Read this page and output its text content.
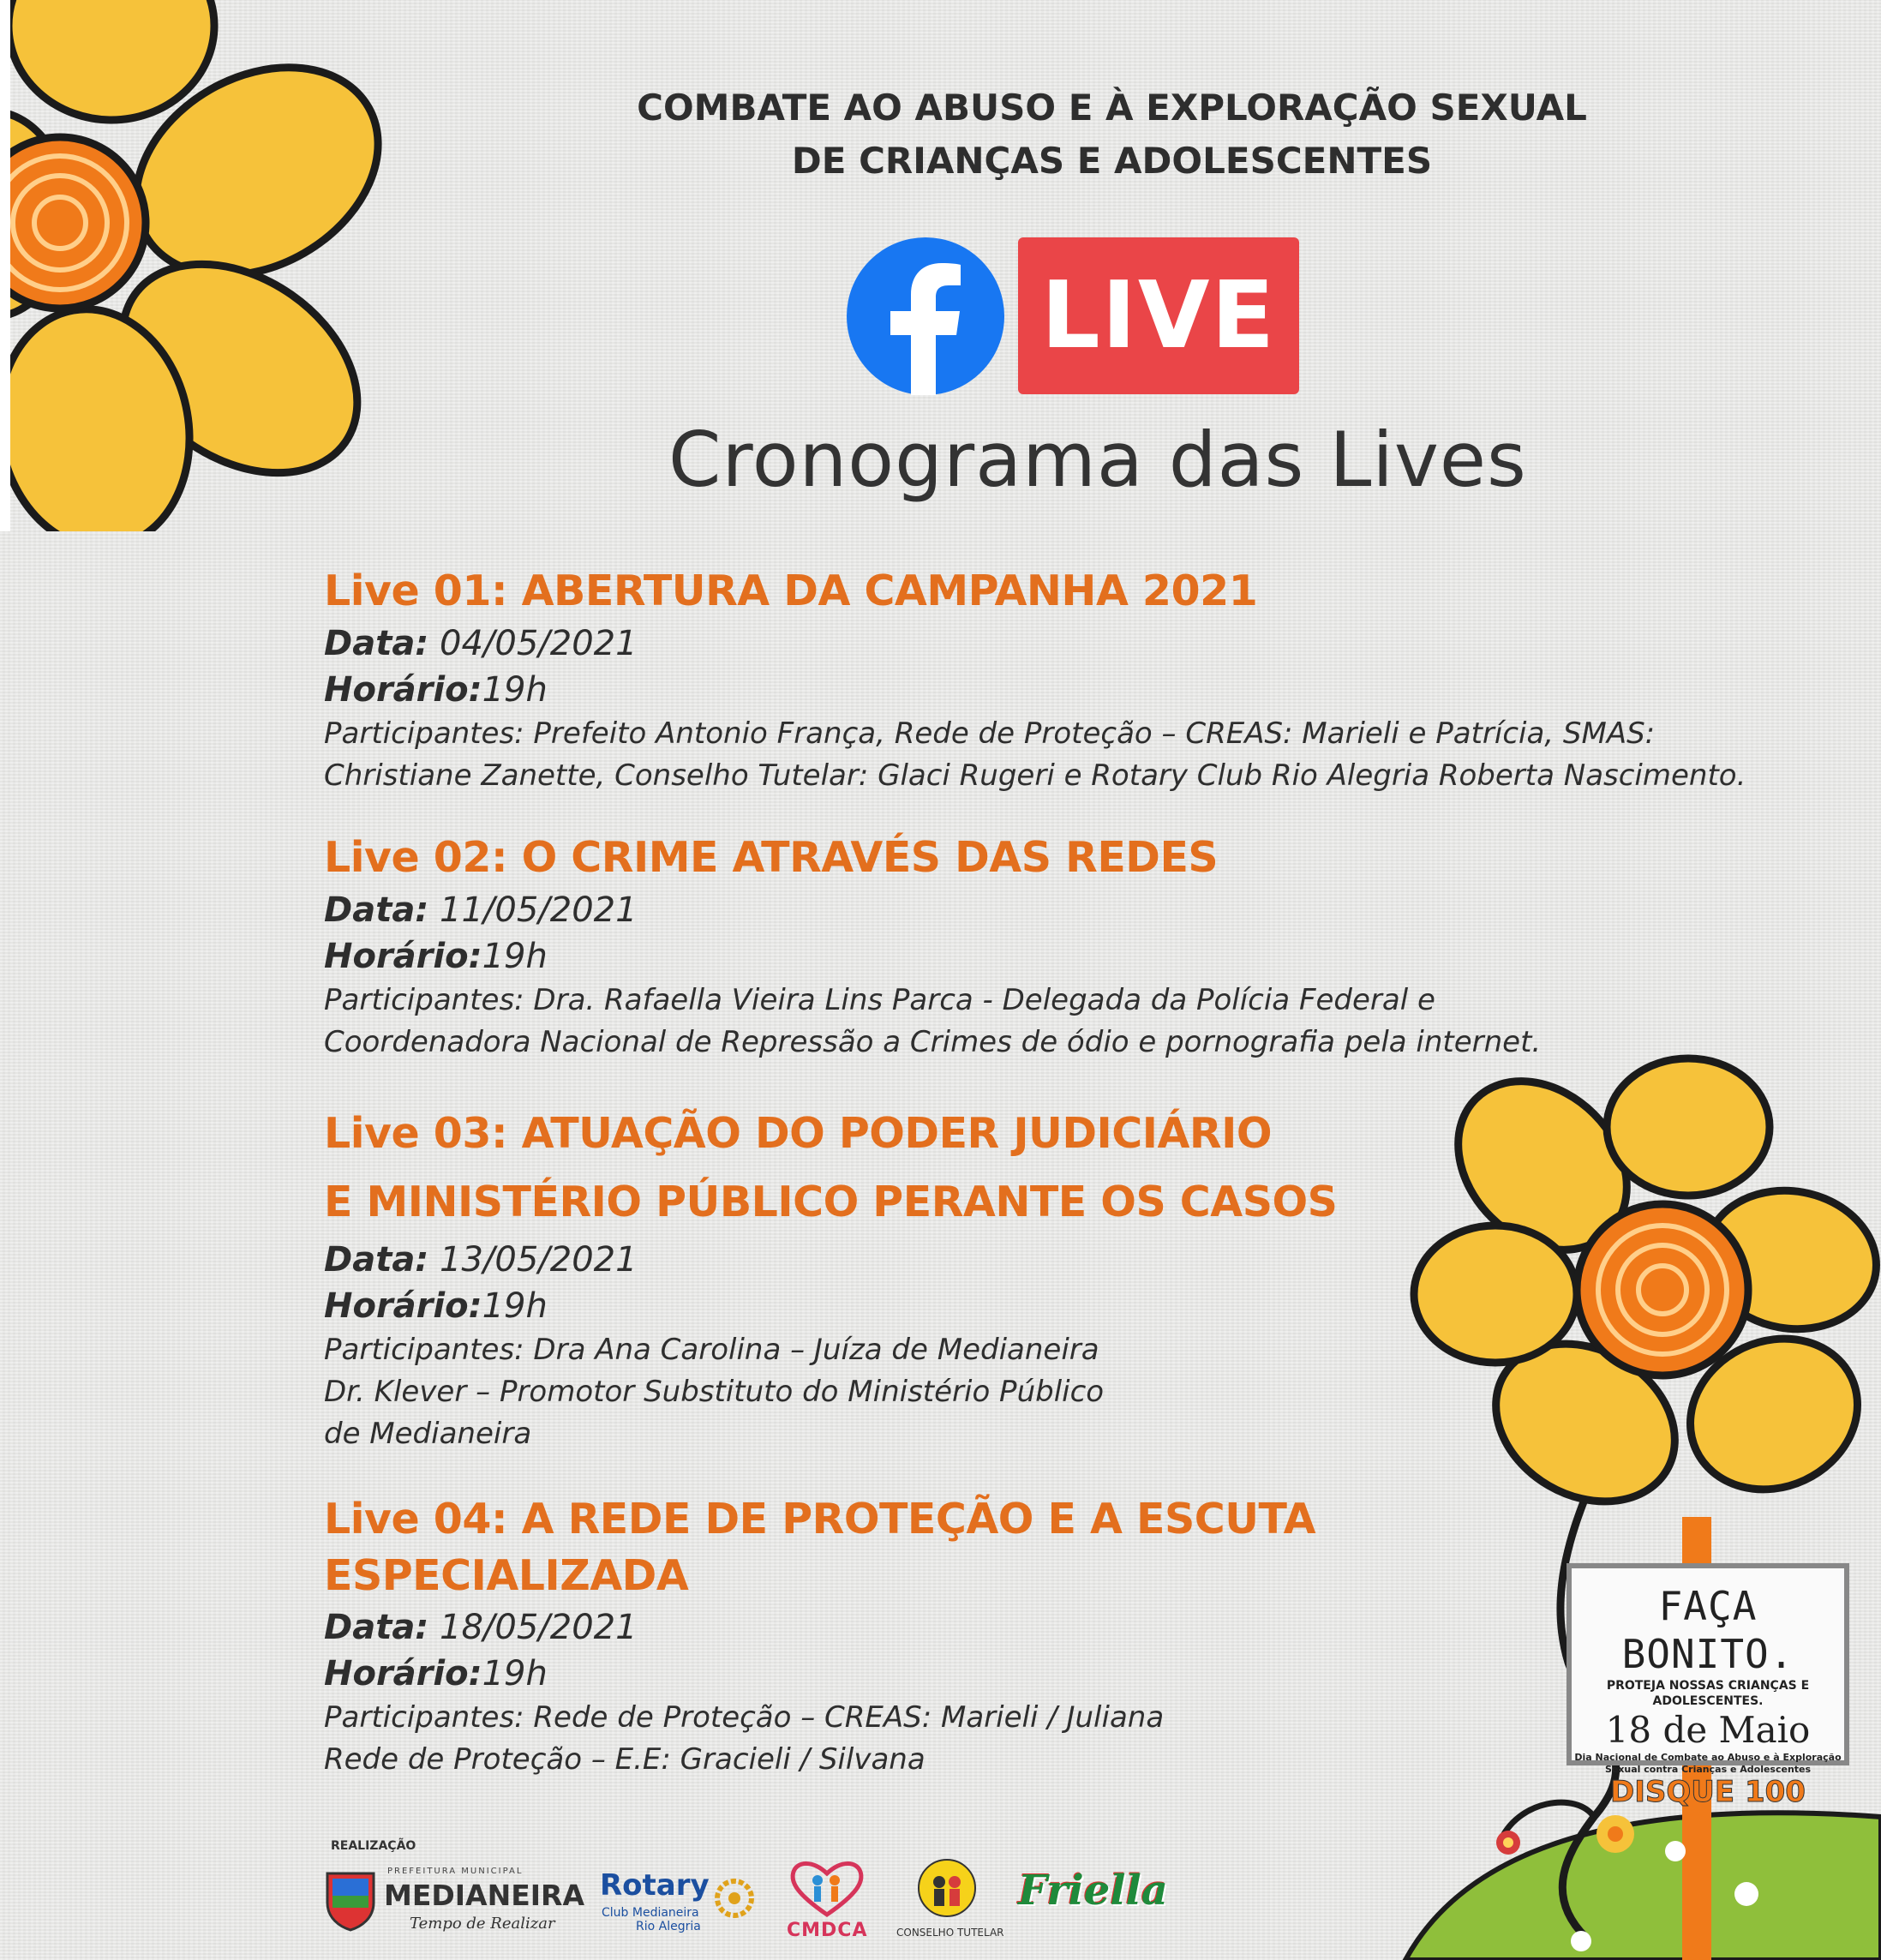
COMBATE AO ABUSO E À EXPLORAÇÃO SEXUAL
DE CRIANÇAS E ADOLESCENTES
LIVE
Cronograma das Lives
Live 01: ABERTURA DA CAMPANHA 2021
Data: 04/05/2021
Horário:19h
Participantes: Prefeito Antonio França, Rede de Proteção – CREAS: Marieli e Patrícia, SMAS:
Christiane Zanette, Conselho Tutelar: Glaci Rugeri e Rotary Club Rio Alegria Roberta Nascimento.
Live 02: O CRIME ATRAVÉS DAS REDES
Data: 11/05/2021
Horário:19h
Participantes: Dra. Rafaella Vieira Lins Parca - Delegada da Polícia Federal e
Coordenadora Nacional de Repressão a Crimes de ódio e pornografia pela internet.
Live 03: ATUAÇÃO DO PODER JUDICIÁRIO
E MINISTÉRIO PÚBLICO PERANTE OS CASOS
Data: 13/05/2021
Horário:19h
Participantes: Dra Ana Carolina – Juíza de Medianeira
Dr. Klever – Promotor Substituto do Ministério Público
de Medianeira
Live 04: A REDE DE PROTEÇÃO E A ESCUTA
ESPECIALIZADA
Data: 18/05/2021
Horário:19h
Participantes: Rede de Proteção – CREAS: Marieli / Juliana
Rede de Proteção – E.E: Gracieli / Silvana
FAÇA BONITO.
PROTEJA NOSSAS CRIANÇAS E ADOLESCENTES.
18 de Maio
Dia Nacional de Combate ao Abuso e à Exploração
Sexual contra Crianças e Adolescentes
DISQUE 100
REALIZAÇÃO
PREFEITURA MUNICIPAL
MEDIANEIRA
Tempo de Realizar
Rotary
Club Medianeira
Rio Alegria	CMDCA	CONSELHO TUTELAR
Friella
